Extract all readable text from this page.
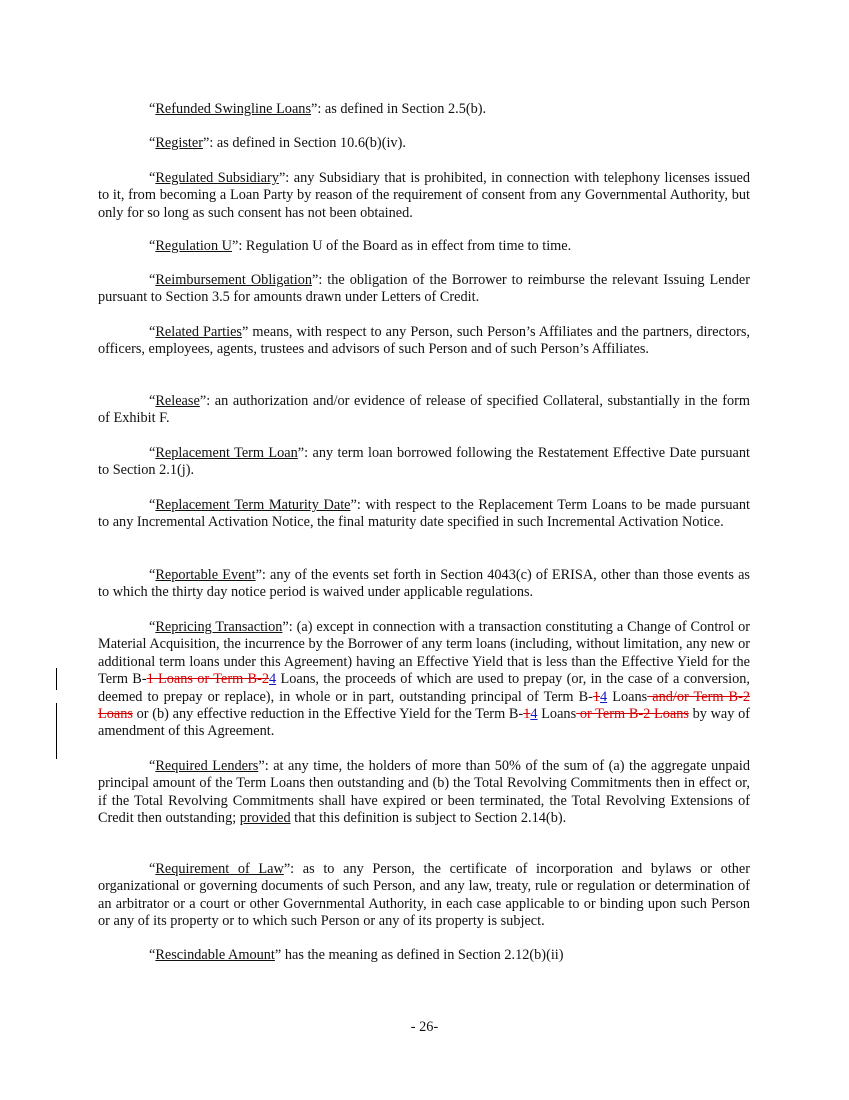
“Refunded Swingline Loans”: as defined in Section 2.5(b).

“Register”: as defined in Section 10.6(b)(iv).

“Regulated Subsidiary”: any Subsidiary that is prohibited, in connection with telephony licenses issued to it, from becoming a Loan Party by reason of the requirement of consent from any Governmental Authority, but only for so long as such consent has not been obtained.

“Regulation U”: Regulation U of the Board as in effect from time to time.

“Reimbursement Obligation”: the obligation of the Borrower to reimburse the relevant Issuing Lender pursuant to Section 3.5 for amounts drawn under Letters of Credit.

“Related Parties” means, with respect to any Person, such Person’s Affiliates and the partners, directors, officers, employees, agents, trustees and advisors of such Person and of such Person’s Affiliates.

“Release”: an authorization and/or evidence of release of specified Collateral, substantially in the form of Exhibit F.

“Replacement Term Loan”: any term loan borrowed following the Restatement Effective Date pursuant to Section 2.1(j).

“Replacement Term Maturity Date”: with respect to the Replacement Term Loans to be made pursuant to any Incremental Activation Notice, the final maturity date specified in such Incremental Activation Notice.

“Reportable Event”: any of the events set forth in Section 4043(c) of ERISA, other than those events as to which the thirty day notice period is waived under applicable regulations.

“Repricing Transaction”: (a) except in connection with a transaction constituting a Change of Control or Material Acquisition, the incurrence by the Borrower of any term loans (including, without limitation, any new or additional term loans under this Agreement) having an Effective Yield that is less than the Effective Yield for the Term B-1 Loans or Term B-24 Loans, the proceeds of which are used to prepay (or, in the case of a conversion, deemed to prepay or replace), in whole or in part, outstanding principal of Term B-14 Loans and/or Term B-2 Loans or (b) any effective reduction in the Effective Yield for the Term B-14 Loans or Term B-2 Loans by way of amendment of this Agreement.

“Required Lenders”: at any time, the holders of more than 50% of the sum of (a) the aggregate unpaid principal amount of the Term Loans then outstanding and (b) the Total Revolving Commitments then in effect or, if the Total Revolving Commitments shall have expired or been terminated, the Total Revolving Extensions of Credit then outstanding; provided that this definition is subject to Section 2.14(b).

“Requirement of Law”: as to any Person, the certificate of incorporation and bylaws or other organizational or governing documents of such Person, and any law, treaty, rule or regulation or determination of an arbitrator or a court or other Governmental Authority, in each case applicable to or binding upon such Person or any of its property or to which such Person or any of its property is subject.

“Rescindable Amount” has the meaning as defined in Section 2.12(b)(ii)

- 26-
